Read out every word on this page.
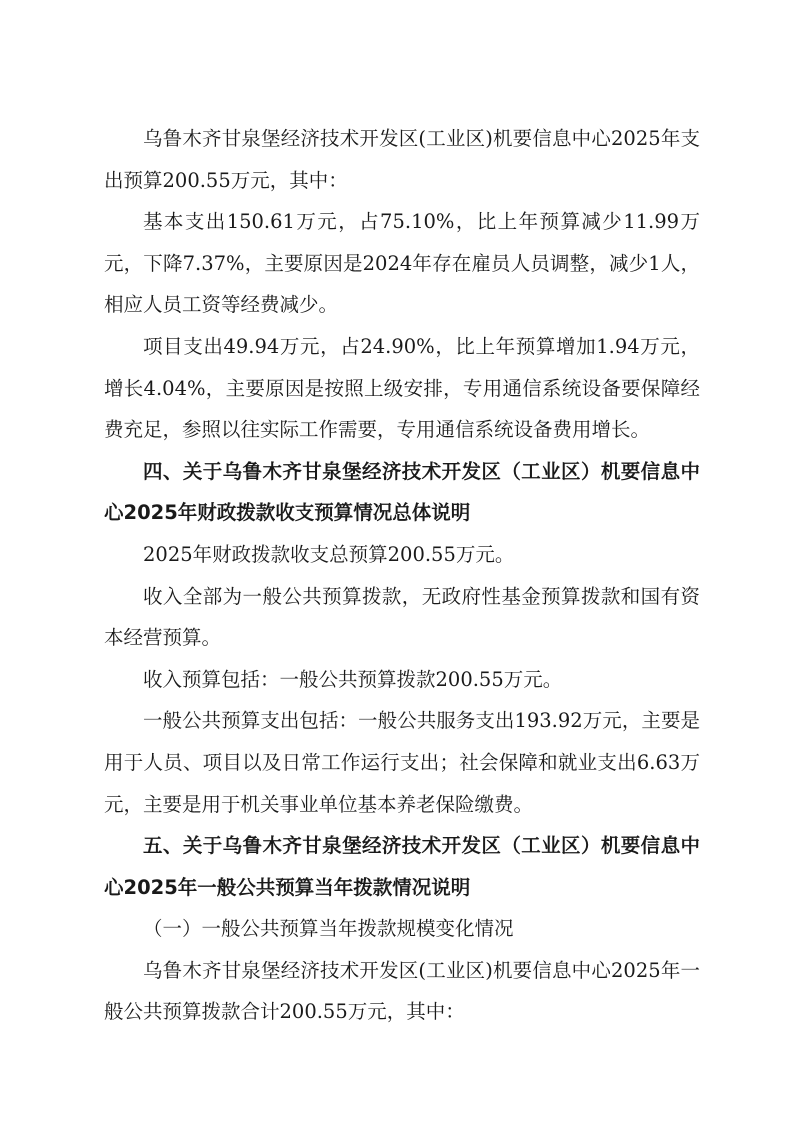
乌鲁木齐甘泉堡经济技术开发区(工业区)机要信息中心2025年支出预算200.55万元，其中：

基本支出150.61万元，占75.10%，比上年预算减少11.99万元，下降7.37%，主要原因是2024年存在雇员人员调整，减少1人，相应人员工资等经费减少。

项目支出49.94万元，占24.90%，比上年预算增加1.94万元，增长4.04%，主要原因是按照上级安排，专用通信系统设备要保障经费充足，参照以往实际工作需要，专用通信系统设备费用增长。

四、关于乌鲁木齐甘泉堡经济技术开发区（工业区）机要信息中心2025年财政拨款收支预算情况总体说明

2025年财政拨款收支总预算200.55万元。

收入全部为一般公共预算拨款，无政府性基金预算拨款和国有资本经营预算。

收入预算包括：一般公共预算拨款200.55万元。

一般公共预算支出包括：一般公共服务支出193.92万元，主要是用于人员、项目以及日常工作运行支出；社会保障和就业支出6.63万元，主要是用于机关事业单位基本养老保险缴费。

五、关于乌鲁木齐甘泉堡经济技术开发区（工业区）机要信息中心2025年一般公共预算当年拨款情况说明

（一）一般公共预算当年拨款规模变化情况

乌鲁木齐甘泉堡经济技术开发区(工业区)机要信息中心2025年一般公共预算拨款合计200.55万元，其中：
